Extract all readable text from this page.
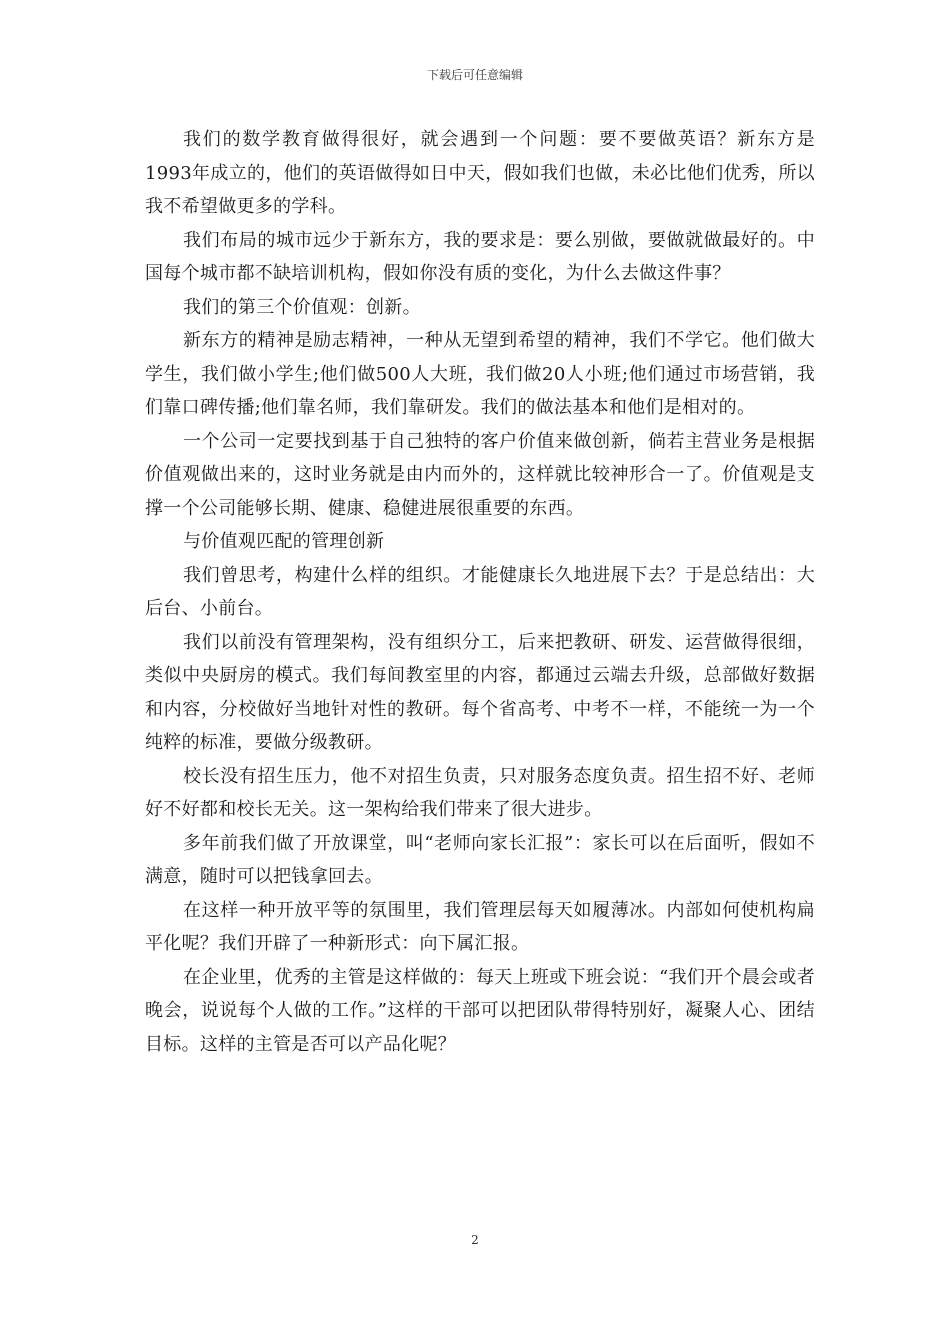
下载后可任意编辑

我们的数学教育做得很好，就会遇到一个问题：要不要做英语？新东方是1993年成立的，他们的英语做得如日中天，假如我们也做，未必比他们优秀，所以我不希望做更多的学科。

我们布局的城市远少于新东方，我的要求是：要么别做，要做就做最好的。中国每个城市都不缺培训机构，假如你没有质的变化，为什么去做这件事？

我们的第三个价值观：创新。

新东方的精神是励志精神，一种从无望到希望的精神，我们不学它。他们做大学生，我们做小学生;他们做500人大班，我们做20人小班;他们通过市场营销，我们靠口碑传播;他们靠名师，我们靠研发。我们的做法基本和他们是相对的。

一个公司一定要找到基于自己独特的客户价值来做创新，倘若主营业务是根据价值观做出来的，这时业务就是由内而外的，这样就比较神形合一了。价值观是支撑一个公司能够长期、健康、稳健进展很重要的东西。

与价值观匹配的管理创新

我们曾思考，构建什么样的组织。才能健康长久地进展下去？于是总结出：大后台、小前台。

我们以前没有管理架构，没有组织分工，后来把教研、研发、运营做得很细，类似中央厨房的模式。我们每间教室里的内容，都通过云端去升级，总部做好数据和内容，分校做好当地针对性的教研。每个省高考、中考不一样，不能统一为一个纯粹的标准，要做分级教研。

校长没有招生压力，他不对招生负责，只对服务态度负责。招生招不好、老师好不好都和校长无关。这一架构给我们带来了很大进步。

多年前我们做了开放课堂，叫“老师向家长汇报”：家长可以在后面听，假如不满意，随时可以把钱拿回去。

在这样一种开放平等的氛围里，我们管理层每天如履薄冰。内部如何使机构扁平化呢？我们开辟了一种新形式：向下属汇报。

在企业里，优秀的主管是这样做的：每天上班或下班会说：“我们开个晨会或者晚会，说说每个人做的工作。”这样的干部可以把团队带得特别好，凝聚人心、团结目标。这样的主管是否可以产品化呢？

2
